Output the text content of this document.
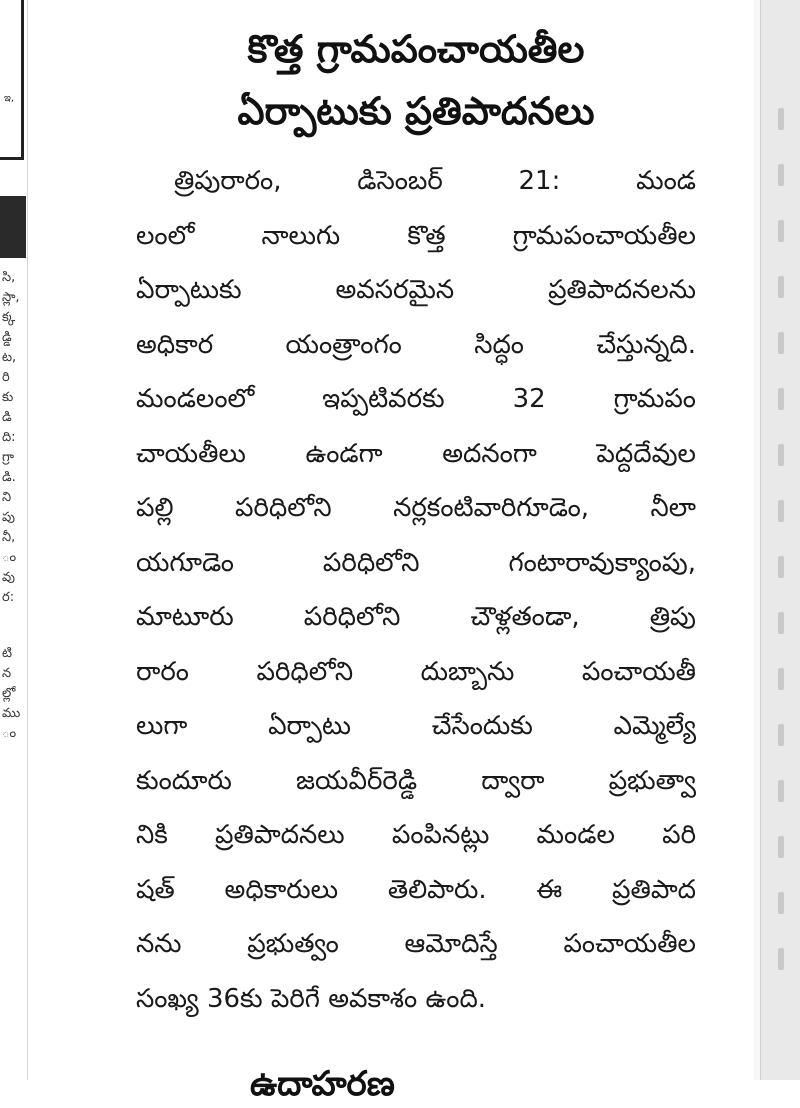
ఇ,
సి,
స్లా,
క్క
డ్డి
ట,
రి
కు
డి
ది:
గ్రా
డి.
ని
పు
నీ,
ం
వు
ర:
టి
న
ల్లో
ము
ం
కొత్త గ్రామపంచాయతీల
ఏర్పాటుకు ప్రతిపాదనలు
త్రిపురారం, డిసెంబర్ 21: మండ
లంలో నాలుగు కొత్త గ్రామపంచాయతీల
ఏర్పాటుకు అవసరమైన ప్రతిపాదనలను
అధికార యంత్రాంగం సిద్ధం చేస్తున్నది.
మండలంలో ఇప్పటివరకు 32 గ్రామపం
చాయతీలు ఉండగా అదనంగా పెద్దదేవుల
పల్లి పరిధిలోని నర్లకంటివారిగూడెం, నీలా
యగూడెం పరిధిలోని గంటారావుక్యాంపు,
మాటూరు పరిధిలోని చౌళ్లతండా, త్రిపు
రారం పరిధిలోని దుబ్బాను పంచాయతీ
లుగా ఏర్పాటు చేసేందుకు ఎమ్మెల్యే
కుందూరు జయవీర్‌రెడ్డి ద్వారా ప్రభుత్వా
నికి ప్రతిపాదనలు పంపినట్లు మండల పరి
షత్ అధికారులు తెలిపారు. ఈ ప్రతిపాద
నను ప్రభుత్వం ఆమోదిస్తే పంచాయతీల
సంఖ్య 36కు పెరిగే అవకాశం ఉంది.
ఉదాహరణ
